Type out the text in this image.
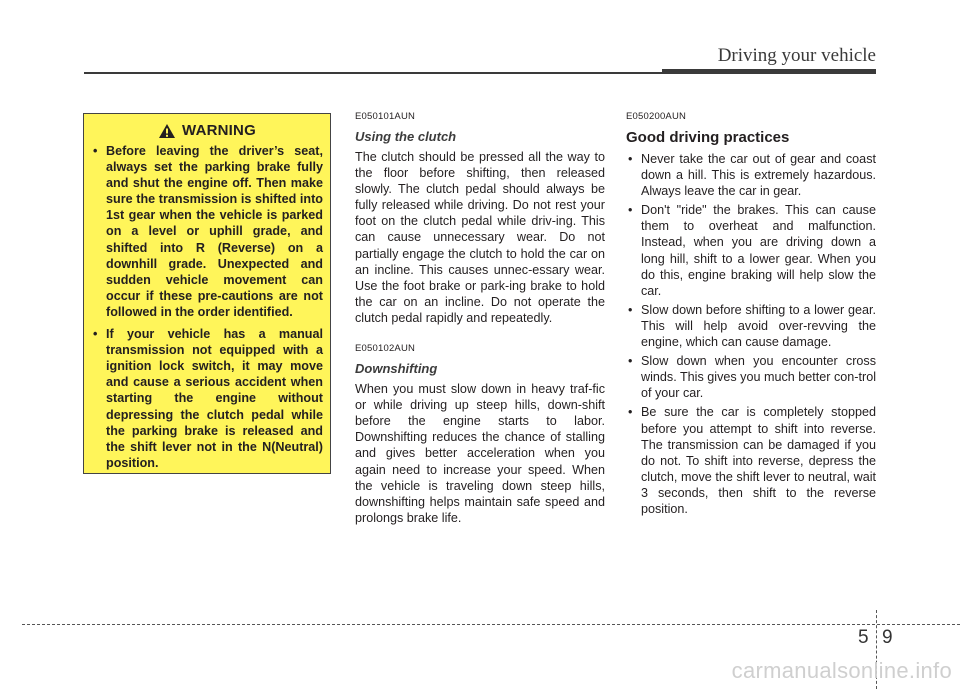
Driving your vehicle
WARNING
• Before leaving the driver’s seat, always set the parking brake fully and shut the engine off. Then make sure the transmission is shifted into 1st gear when the vehicle is parked on a level or uphill grade, and shifted into R (Reverse) on a downhill grade. Unexpected and sudden vehicle movement can occur if these pre-cautions are not followed in the order identified.
• If your vehicle has a manual transmission not equipped with a ignition lock switch, it may move and cause a serious accident when starting the engine without depressing the clutch pedal while the parking brake is released and the shift lever not in the N(Neutral) position.

E050101AUN

Using the clutch

The clutch should be pressed all the way to the floor before shifting, then released slowly. The clutch pedal should always be fully released while driving. Do not rest your foot on the clutch pedal while driv-ing. This can cause unnecessary wear. Do not partially engage the clutch to hold the car on an incline. This causes unnec-essary wear. Use the foot brake or park-ing brake to hold the car on an incline. Do not operate the clutch pedal rapidly and repeatedly.

E050102AUN

Downshifting

When you must slow down in heavy traf-fic or while driving up steep hills, down-shift before the engine starts to labor. Downshifting reduces the chance of stalling and gives better acceleration when you again need to increase your speed. When the vehicle is traveling down steep hills, downshifting helps maintain safe speed and prolongs brake life.

E050200AUN

Good driving practices

• Never take the car out of gear and coast down a hill. This is extremely hazardous. Always leave the car in gear.
• Don't "ride" the brakes. This can cause them to overheat and malfunction. Instead, when you are driving down a long hill, shift to a lower gear. When you do this, engine braking will help slow the car.
• Slow down before shifting to a lower gear. This will help avoid over-revving the engine, which can cause damage.
• Slow down when you encounter cross winds. This gives you much better con-trol of your car.
• Be sure the car is completely stopped before you attempt to shift into reverse. The transmission can be damaged if you do not. To shift into reverse, depress the clutch, move the shift lever to neutral, wait 3 seconds, then shift to the reverse position.
5 9
carmanualsonline.info
